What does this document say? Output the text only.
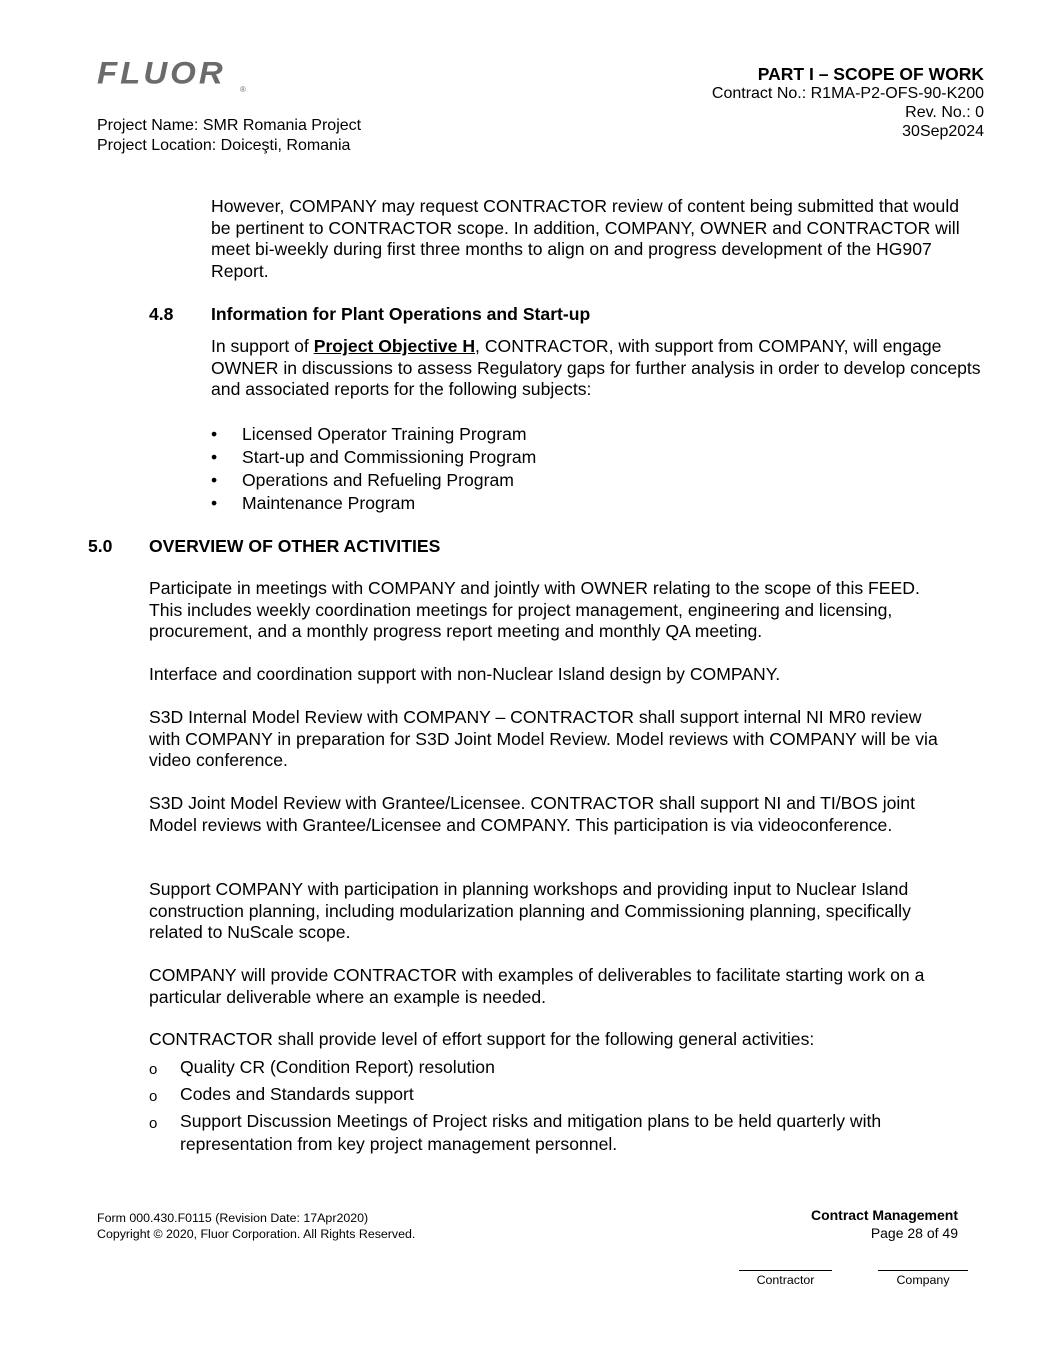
FLUOR ®
Project Name: SMR Romania Project
Project Location: Doiceşti, Romania
PART I – SCOPE OF WORK
Contract No.: R1MA-P2-OFS-90-K200
Rev. No.: 0
30Sep2024

However, COMPANY may request CONTRACTOR review of content being submitted that would be pertinent to CONTRACTOR scope. In addition, COMPANY, OWNER and CONTRACTOR will meet bi-weekly during first three months to align on and progress development of the HG907 Report.

4.8 Information for Plant Operations and Start-up

In support of Project Objective H, CONTRACTOR, with support from COMPANY, will engage OWNER in discussions to assess Regulatory gaps for further analysis in order to develop concepts and associated reports for the following subjects:

• Licensed Operator Training Program
• Start-up and Commissioning Program
• Operations and Refueling Program
• Maintenance Program
5.0 OVERVIEW OF OTHER ACTIVITIES

Participate in meetings with COMPANY and jointly with OWNER relating to the scope of this FEED. This includes weekly coordination meetings for project management, engineering and licensing, procurement, and a monthly progress report meeting and monthly QA meeting.

Interface and coordination support with non-Nuclear Island design by COMPANY.

S3D Internal Model Review with COMPANY – CONTRACTOR shall support internal NI MR0 review with COMPANY in preparation for S3D Joint Model Review. Model reviews with COMPANY will be via video conference.

S3D Joint Model Review with Grantee/Licensee. CONTRACTOR shall support NI and TI/BOS joint Model reviews with Grantee/Licensee and COMPANY. This participation is via videoconference.

Support COMPANY with participation in planning workshops and providing input to Nuclear Island construction planning, including modularization planning and Commissioning planning, specifically related to NuScale scope.

COMPANY will provide CONTRACTOR with examples of deliverables to facilitate starting work on a particular deliverable where an example is needed.

CONTRACTOR shall provide level of effort support for the following general activities:

o Quality CR (Condition Report) resolution
o Codes and Standards support
o Support Discussion Meetings of Project risks and mitigation plans to be held quarterly with representation from key project management personnel.
Form 000.430.F0115 (Revision Date: 17Apr2020)
Copyright © 2020, Fluor Corporation. All Rights Reserved.
Contract Management
Page 28 of 49
Contractor	Company
